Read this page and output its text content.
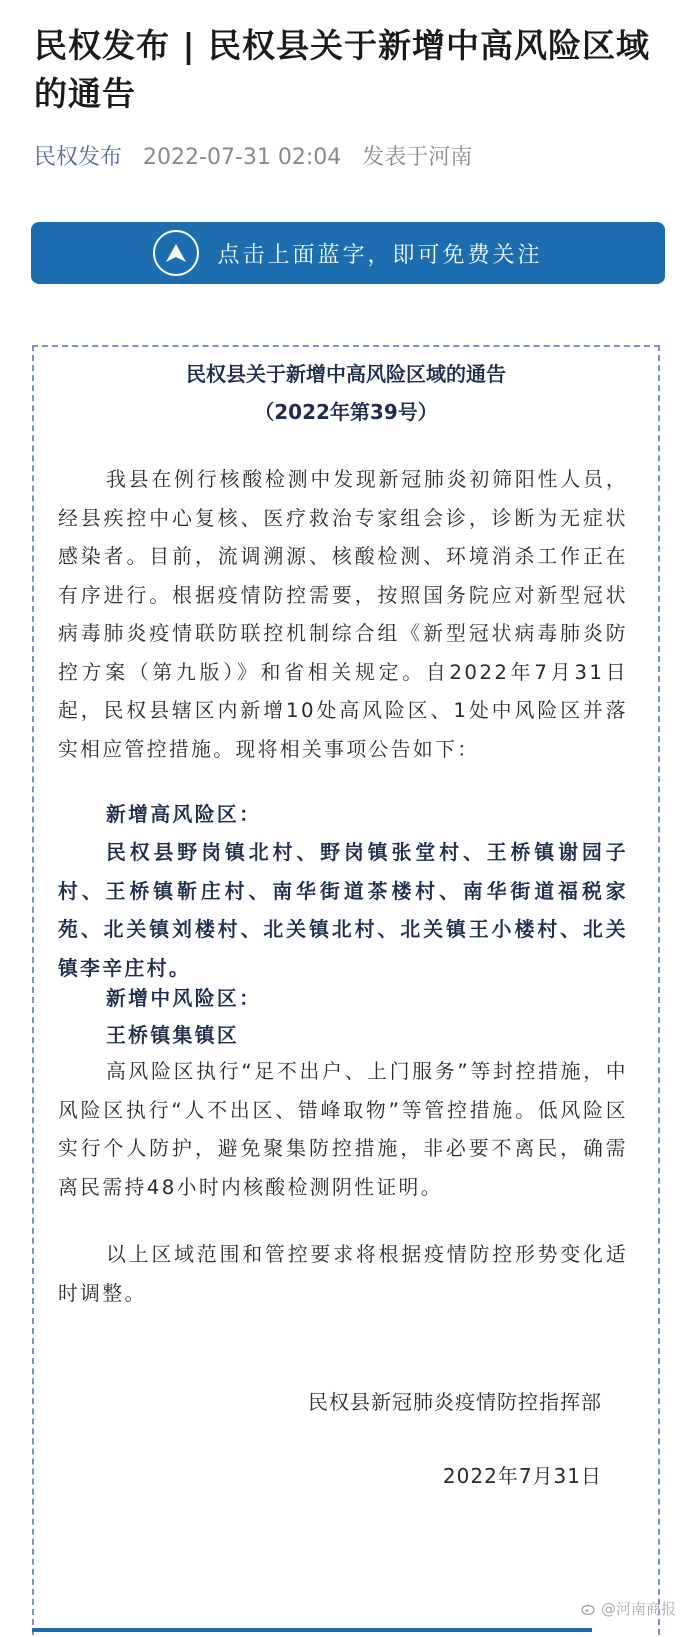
民权发布 | 民权县关于新增中高风险区域的通告
民权发布 2022-07-31 02:04 发表于河南
点击上面蓝字，即可免费关注
民权县关于新增中高风险区域的通告
（2022年第39号）
我县在例行核酸检测中发现新冠肺炎初筛阳性人员，经县疾控中心复核、医疗救治专家组会诊，诊断为无症状感染者。目前，流调溯源、核酸检测、环境消杀工作正在有序进行。根据疫情防控需要，按照国务院应对新型冠状病毒肺炎疫情联防联控机制综合组《新型冠状病毒肺炎防控方案（第九版）》和省相关规定。自2022年7月31日起，民权县辖区内新增10处高风险区、1处中风险区并落实相应管控措施。现将相关事项公告如下：
新增高风险区：
民权县野岗镇北村、野岗镇张堂村、王桥镇谢园子村、王桥镇靳庄村、南华街道茶楼村、南华街道福税家苑、北关镇刘楼村、北关镇北村、北关镇王小楼村、北关镇李辛庄村。
新增中风险区：
王桥镇集镇区
高风险区执行“足不出户、上门服务”等封控措施，中风险区执行“人不出区、错峰取物”等管控措施。低风险区实行个人防护，避免聚集防控措施，非必要不离民，确需离民需持48小时内核酸检测阴性证明。
以上区域范围和管控要求将根据疫情防控形势变化适时调整。
民权县新冠肺炎疫情防控指挥部
2022年7月31日
@河南商报
